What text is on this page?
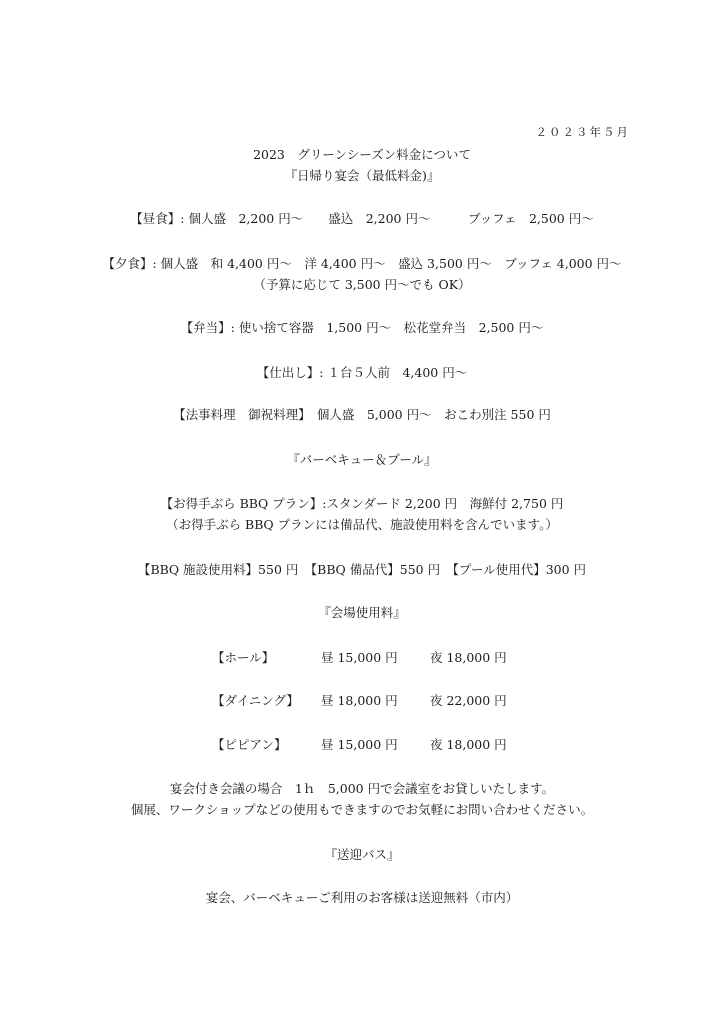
２０２３年５月
2023　グリーンシーズン料金について
『日帰り宴会（最低料金)』
【昼食】: 個人盛　2,200 円～　　盛込　2,200 円～　　　ブッフェ　2,500 円～
【夕食】: 個人盛　和 4,400 円～　洋 4,400 円～　盛込 3,500 円～　ブッフェ 4,000 円～
（予算に応じて 3,500 円～でも OK）
【弁当】: 使い捨て容器　1,500 円～　松花堂弁当　2,500 円～
【仕出し】: １台５人前　4,400 円～
【法事料理　御祝料理】　個人盛　5,000 円～　おこわ別注 550 円
『バーベキュー＆プール』
【お得手ぶら BBQ プラン】:スタンダード 2,200 円　海鮮付 2,750 円
（お得手ぶら BBQ プランには備品代、施設使用料を含んでいます。）
【BBQ 施設使用料】550 円　【BBQ 備品代】550 円　【プール使用代】300 円
『会場使用料』
【ホール】	昼 15,000 円	夜 18,000 円
【ダイニング】 昼 18,000 円	夜 22,000 円
【ピピアン】	昼 15,000 円	夜 18,000 円
宴会付き会議の場合　1ｈ　5,000 円で会議室をお貸しいたします。
個展、ワークショップなどの使用もできますのでお気軽にお問い合わせください。
『送迎バス』
宴会、バーベキューご利用のお客様は送迎無料（市内）
